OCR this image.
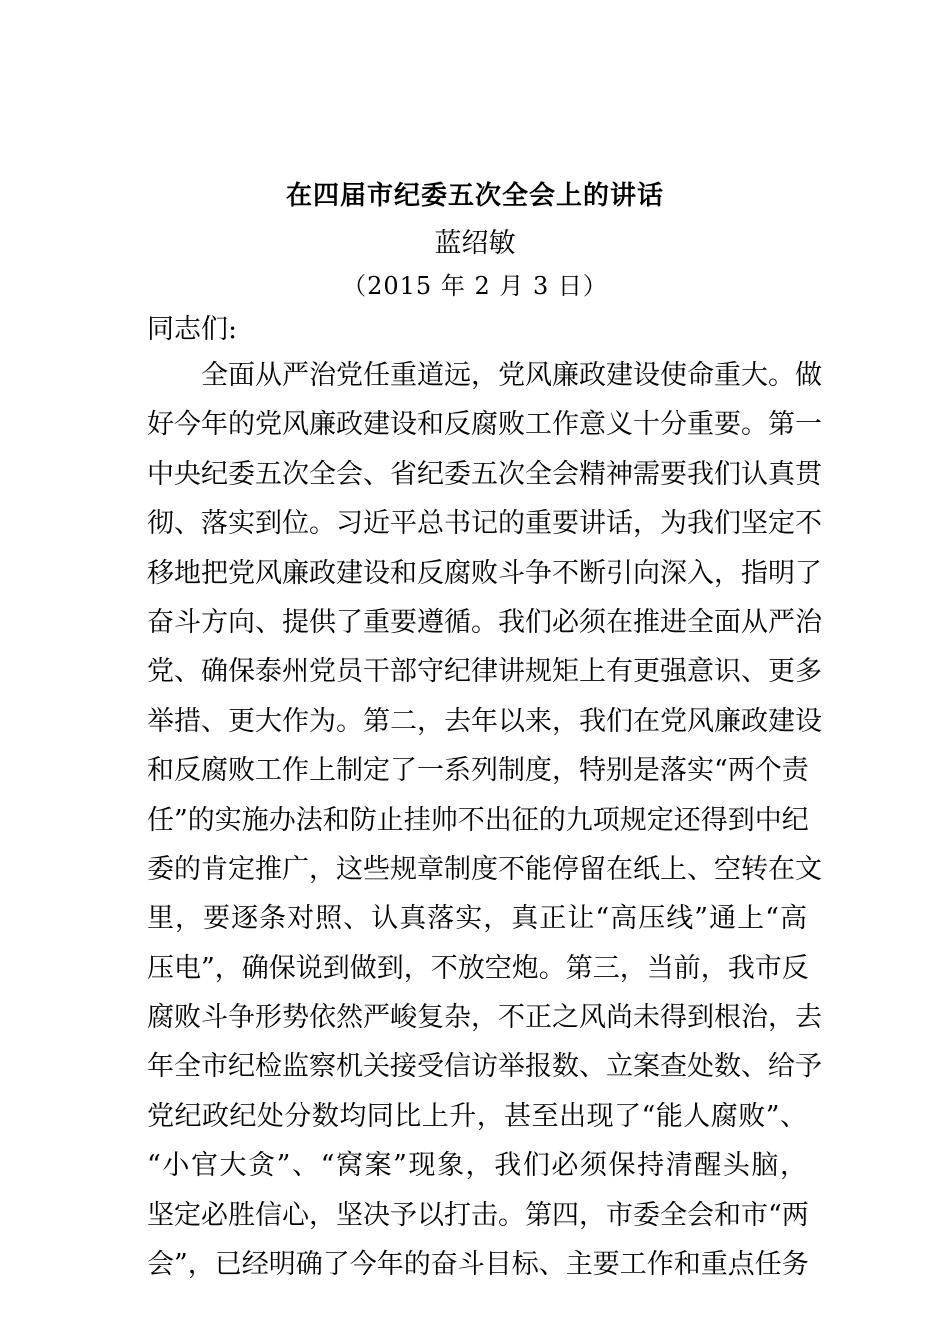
在四届市纪委五次全会上的讲话
蓝绍敏
（2015 年 2 月 3 日）
同志们:
　　全面从严治党任重道远，党风廉政建设使命重大。做
好今年的党风廉政建设和反腐败工作意义十分重要。第一
中央纪委五次全会、省纪委五次全会精神需要我们认真贯
彻、落实到位。习近平总书记的重要讲话，为我们坚定不
移地把党风廉政建设和反腐败斗争不断引向深入，指明了
奋斗方向、提供了重要遵循。我们必须在推进全面从严治
党、确保泰州党员干部守纪律讲规矩上有更强意识、更多
举措、更大作为。第二，去年以来，我们在党风廉政建设
和反腐败工作上制定了一系列制度，特别是落实“两个责
任”的实施办法和防止挂帅不出征的九项规定还得到中纪
委的肯定推广，这些规章制度不能停留在纸上、空转在文
里，要逐条对照、认真落实，真正让“高压线”通上“高
压电”，确保说到做到，不放空炮。第三，当前，我市反
腐败斗争形势依然严峻复杂，不正之风尚未得到根治，去
年全市纪检监察机关接受信访举报数、立案查处数、给予
党纪政纪处分数均同比上升，甚至出现了“能人腐败”、
“小官大贪”、“窝案”现象，我们必须保持清醒头脑，
坚定必胜信心，坚决予以打击。第四，市委全会和市“两
会”，已经明确了今年的奋斗目标、主要工作和重点任务
